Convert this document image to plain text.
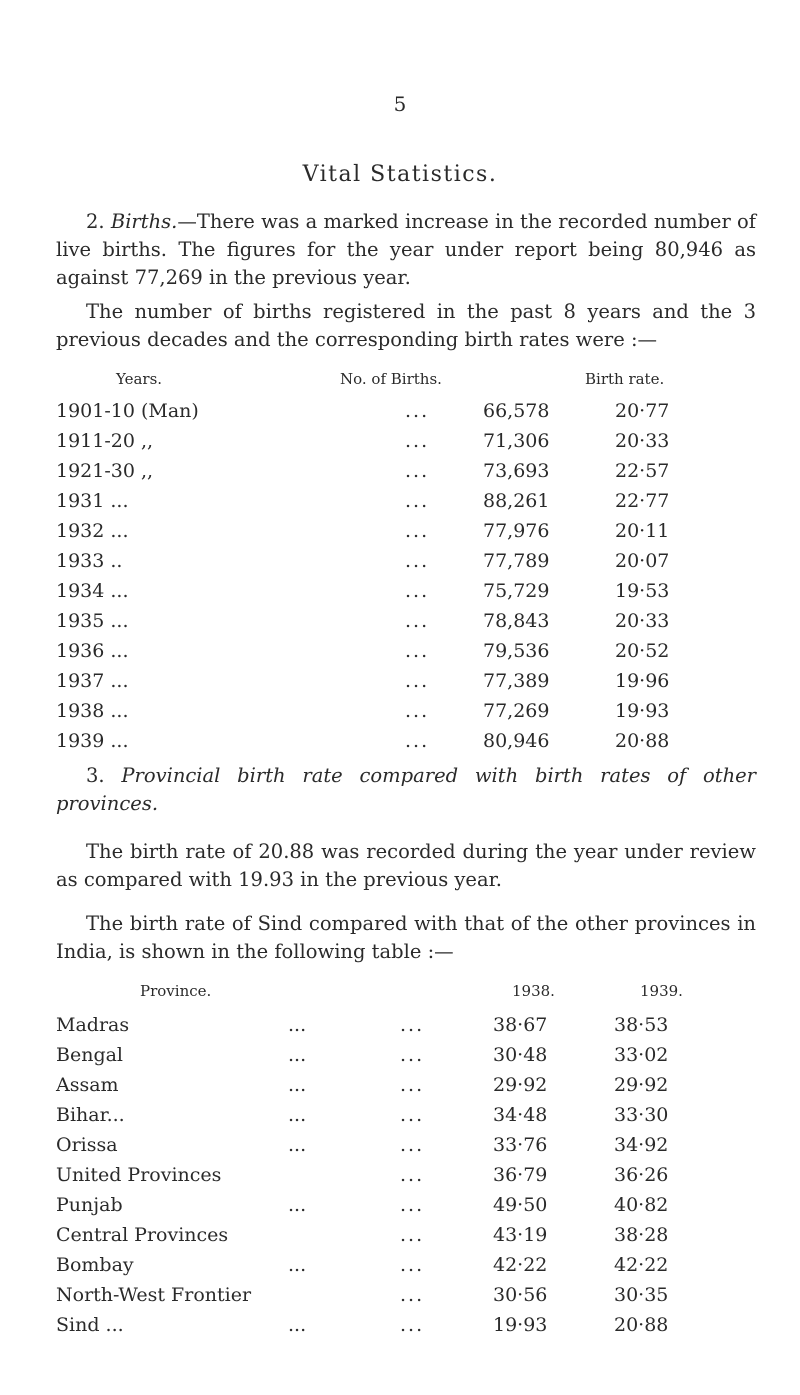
5
Vital Statistics.
2. Births.—There was a marked increase in the recorded number of live births. The figures for the year under report being 80,946 as against 77,269 in the previous year.
The number of births registered in the past 8 years and the 3 previous decades and the corresponding birth rates were :—
Years.	No. of Births.	Birth rate.
1901-10 (Man)	...	66,578	20·77
1911-20 ,,	...	71,306	20·33
1921-30 ,,	...	73,693	22·57
1931 ...	...	88,261	22·77
1932 ...	...	77,976	20·11
1933 ..	...	77,789	20·07
1934 ...	...	75,729	19·53
1935 ...	...	78,843	20·33
1936 ...	...	79,536	20·52
1937 ...	...	77,389	19·96
1938 ...	...	77,269	19·93
1939 ...	...	80,946	20·88
3. Provincial birth rate compared with birth rates of other provinces.
The birth rate of 20.88 was recorded during the year under review as compared with 19.93 in the previous year.
The birth rate of Sind compared with that of the other provinces in India, is shown in the following table :—
Province.	1938.	1939.
Madras	...	...	38·67	38·53
Bengal	...	...	30·48	33·02
Assam	...	...	29·92	29·92
Bihar...	...	...	34·48	33·30
Orissa	...	...	33·76	34·92
United Provinces	...	36·79	36·26
Punjab	...	...	49·50	40·82
Central Provinces	...	43·19	38·28
Bombay	...	...	42·22	42·22
North-West Frontier	...	30·56	30·35
Sind ...	...	...	19·93	20·88
